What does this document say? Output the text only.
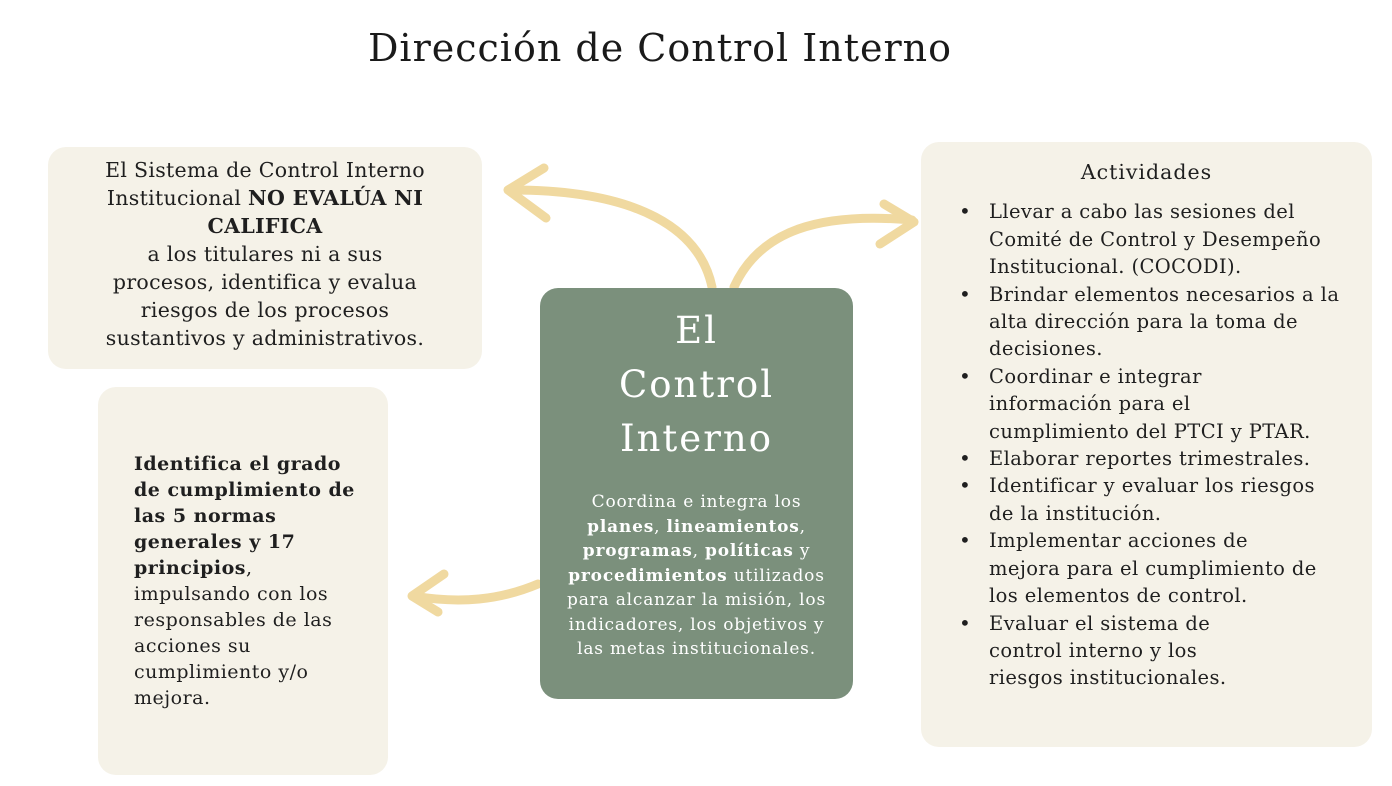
Dirección de Control Interno
El Sistema de Control Interno
Institucional NO EVALÚA NI
CALIFICA
a los titulares ni a sus
procesos, identifica y evalua
riesgos de los procesos
sustantivos y administrativos.
Identifica el grado
de cumplimiento de
las 5 normas
generales y 17
principios,
impulsando con los
responsables de las
acciones su
cumplimiento y/o
mejora.
El
Control
Interno
Coordina e integra los
planes, lineamientos,
programas, políticas y
procedimientos utilizados
para alcanzar la misión, los
indicadores, los objetivos y
las metas institucionales.
Actividades
• Llevar a cabo las sesiones del
Comité de Control y Desempeño
Institucional. (COCODI).
• Brindar elementos necesarios a la
alta dirección para la toma de
decisiones.
• Coordinar e integrar
información para el
cumplimiento del PTCI y PTAR.
• Elaborar reportes trimestrales.
• Identificar y evaluar los riesgos
de la institución.
• Implementar acciones de
mejora para el cumplimiento de
los elementos de control.
• Evaluar el sistema de
control interno y los
riesgos institucionales.
